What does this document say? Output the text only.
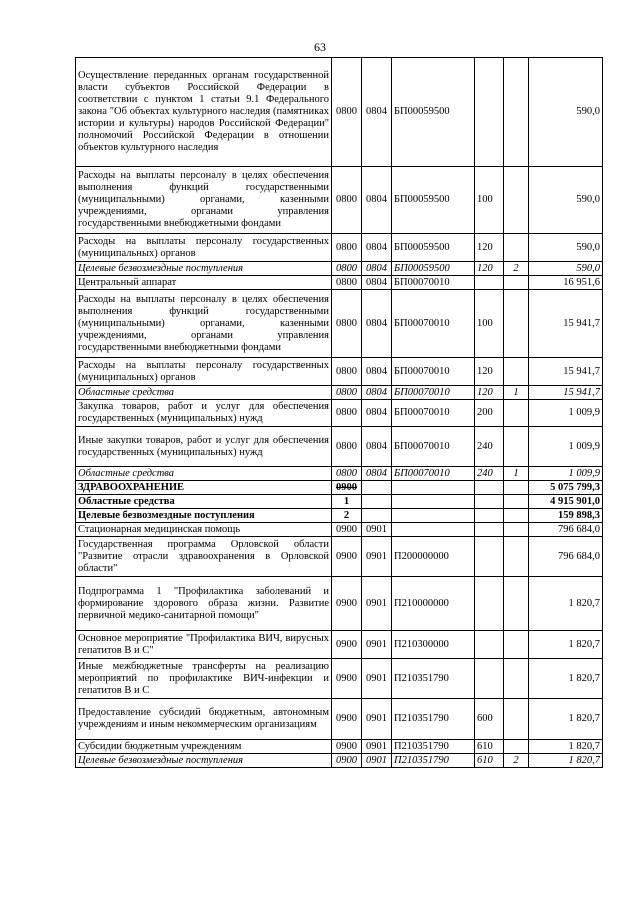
63
Осуществление переданных органам государственной власти субъектов Российской Федерации в соответствии с пунктом 1 статьи 9.1 Федерального закона "Об объектах культурного наследия (памятниках истории и культуры) народов Российской Федерации" полномочий Российской Федерации в отношении объектов культурного наследия	0800	0804	БП00059500			590,0
Расходы на выплаты персоналу в целях обеспечения выполнения функций государственными (муниципальными) органами, казенными учреждениями, органами управления государственными внебюджетными фондами	0800	0804	БП00059500	100		590,0
Расходы на выплаты персоналу государственных (муниципальных) органов	0800	0804	БП00059500	120		590,0
Целевые безвозмездные поступления	0800	0804	БП00059500	120	2	590,0
Центральный аппарат	0800	0804	БП00070010			16 951,6
Расходы на выплаты персоналу в целях обеспечения выполнения функций государственными (муниципальными) органами, казенными учреждениями, органами управления государственными внебюджетными фондами	0800	0804	БП00070010	100		15 941,7
Расходы на выплаты персоналу государственных (муниципальных) органов	0800	0804	БП00070010	120		15 941,7
Областные средства	0800	0804	БП00070010	120	1	15 941,7
Закупка товаров, работ и услуг для обеспечения государственных (муниципальных) нужд	0800	0804	БП00070010	200		1 009,9
Иные закупки товаров, работ и услуг для обеспечения государственных (муниципальных) нужд	0800	0804	БП00070010	240		1 009,9
Областные средства	0800	0804	БП00070010	240	1	1 009,9
ЗДРАВООХРАНЕНИЕ	0900					5 075 799,3
Областные средства	1					4 915 901,0
Целевые безвозмездные поступления	2					159 898,3
Стационарная медицинская помощь	0900	0901				796 684,0
Государственная программа Орловской области "Развитие отрасли здравоохранения в Орловской области"	0900	0901	П200000000			796 684,0
Подпрограмма 1 "Профилактика заболеваний и формирование здорового образа жизни. Развитие первичной медико-санитарной помощи"	0900	0901	П210000000			1 820,7
Основное мероприятие "Профилактика ВИЧ, вирусных гепатитов В и С"	0900	0901	П210300000			1 820,7
Иные межбюджетные трансферты на реализацию мероприятий по профилактике ВИЧ-инфекции и гепатитов В и С	0900	0901	П210351790			1 820,7
Предоставление субсидий бюджетным, автономным учреждениям и иным некоммерческим организациям	0900	0901	П210351790	600		1 820,7
Субсидии бюджетным учреждениям	0900	0901	П210351790	610		1 820,7
Целевые безвозмездные поступления	0900	0901	П210351790	610	2	1 820,7
